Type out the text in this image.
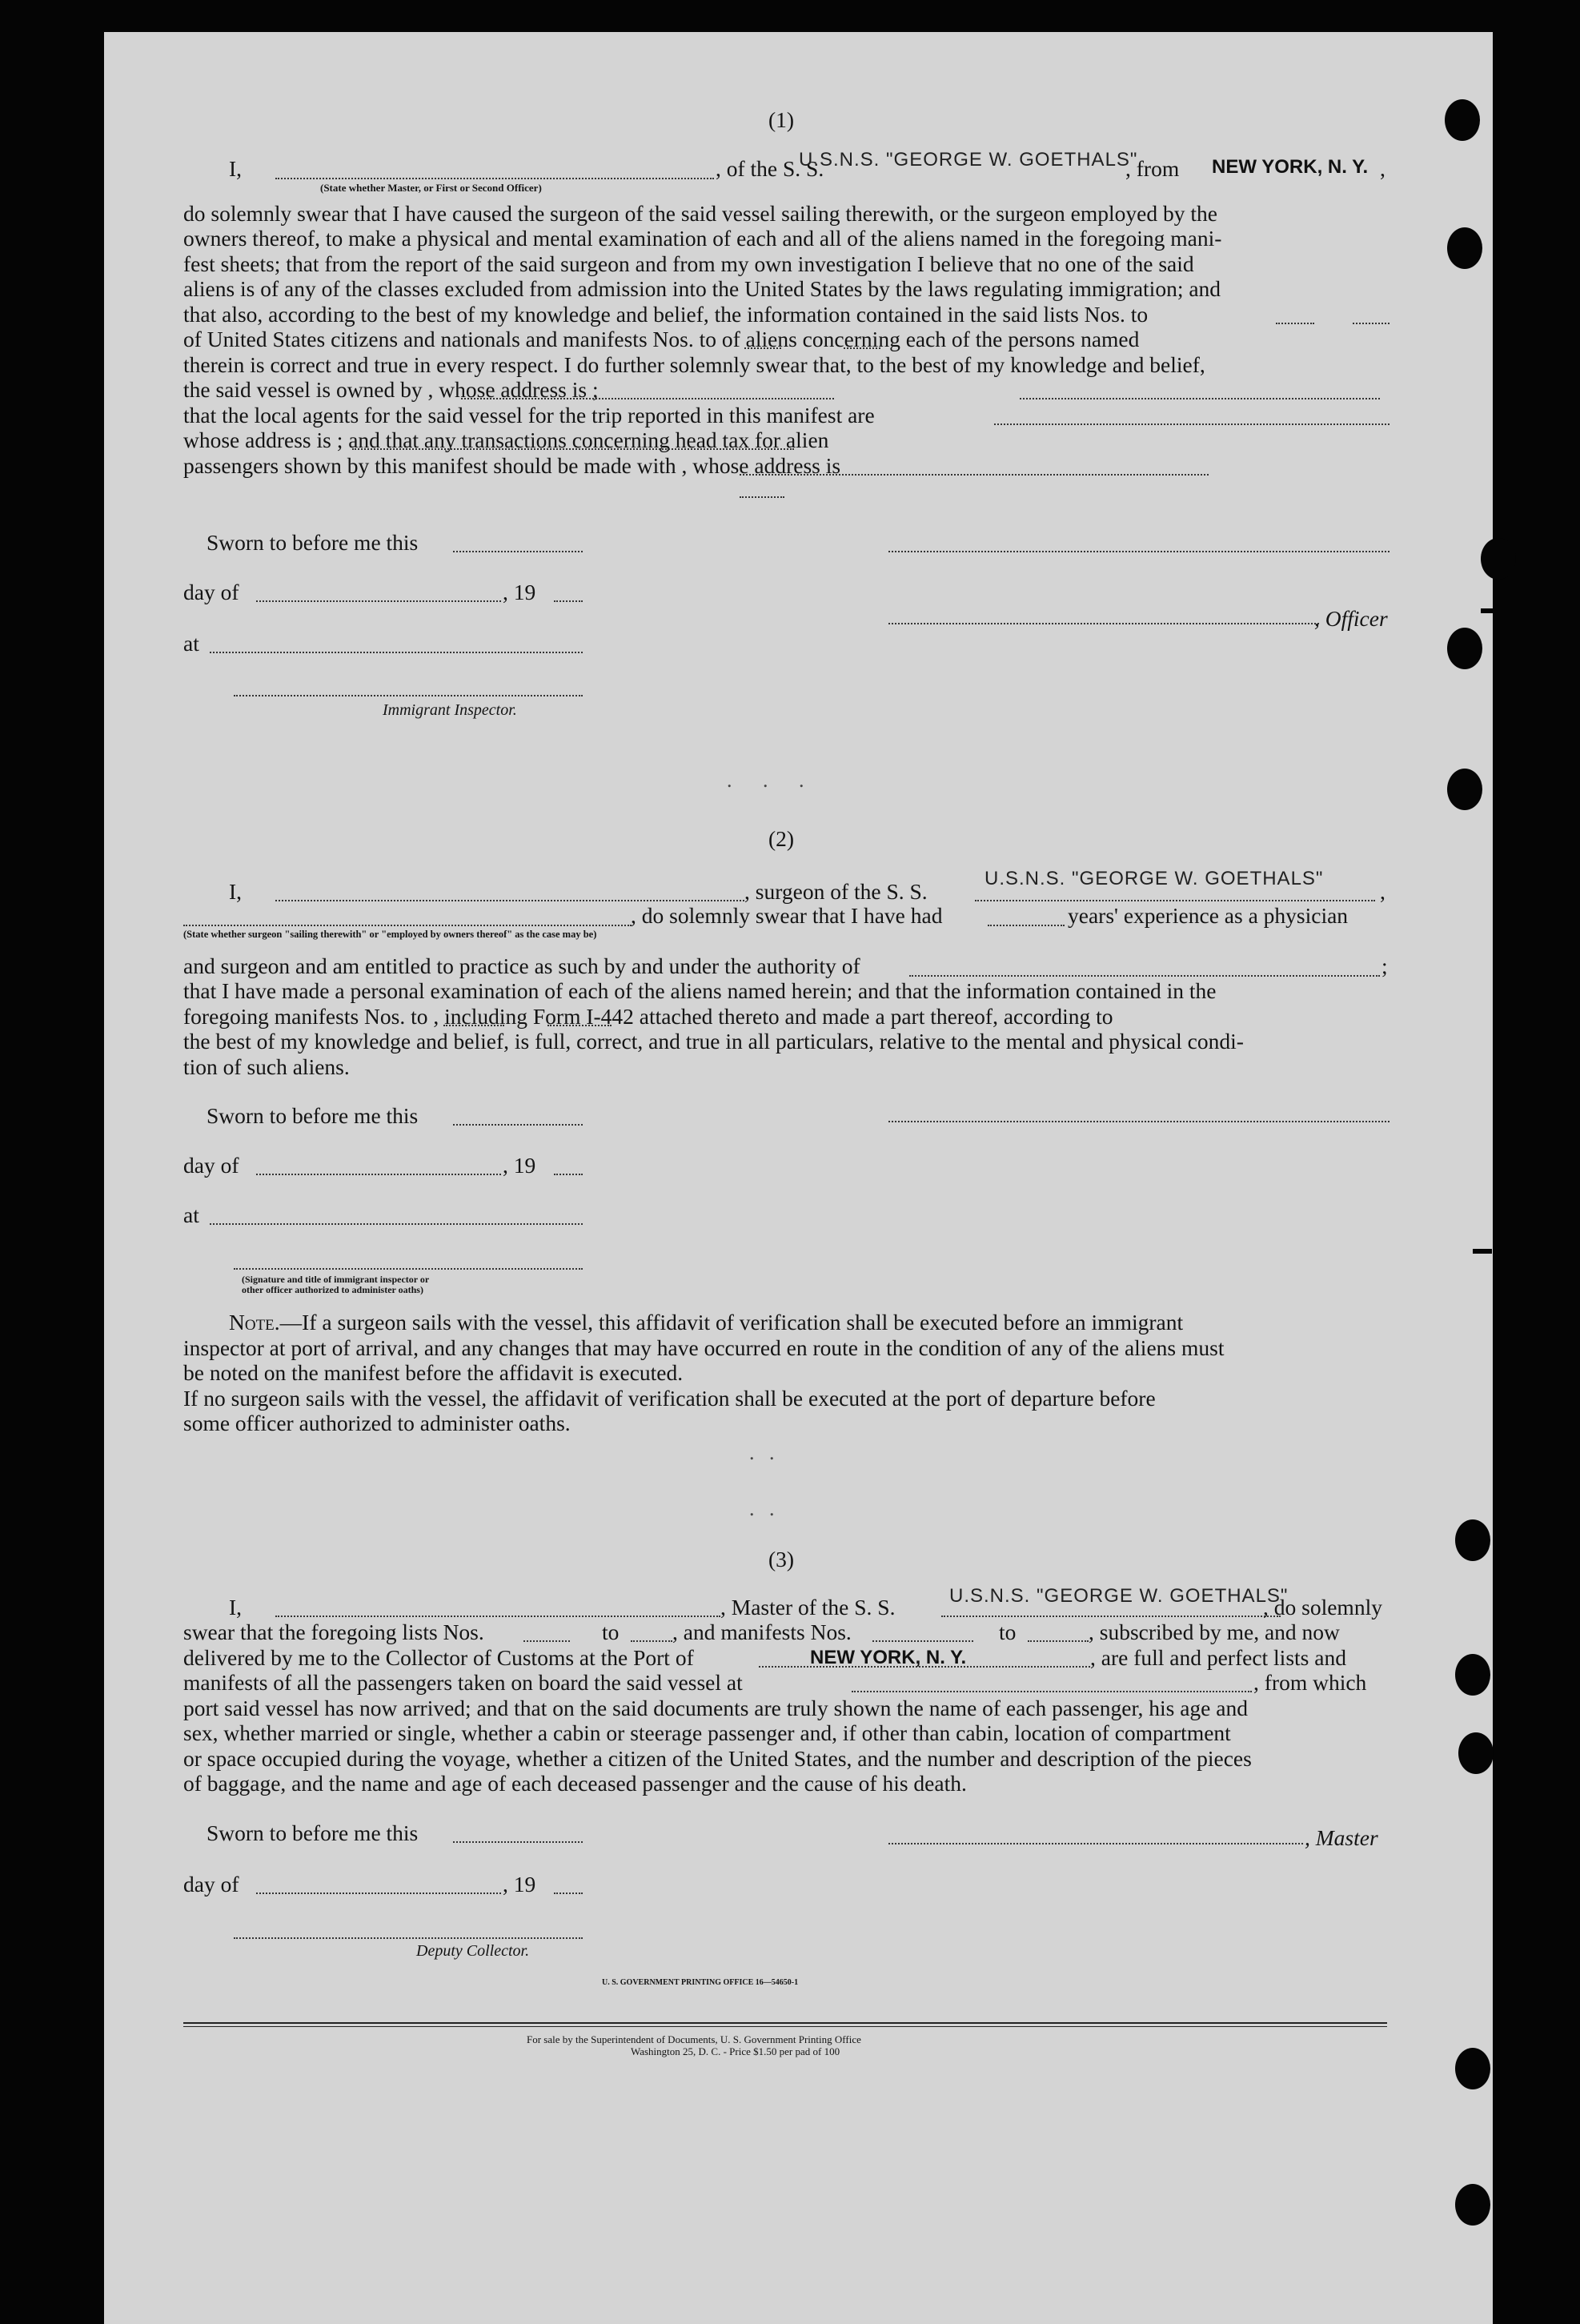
(1)
I,	, of the S. S.
U.S.N.S. "GEORGE W. GOETHALS"
, from NEW YORK, N. Y. ,
(State whether Master, or First or Second Officer)
do solemnly swear that I have caused the surgeon of the said vessel sailing therewith, or the surgeon employed by the
owners thereof, to make a physical and mental examination of each and all of the aliens named in the foregoing mani-
fest sheets; that from the report of the said surgeon and from my own investigation I believe that no one of the said
aliens is of any of the classes excluded from admission into the United States by the laws regulating immigration; and
that also, according to the best of my knowledge and belief, the information contained in the said lists Nos. to
of United States citizens and nationals and manifests Nos. to of aliens concerning each of the persons named
therein is correct and true in every respect. I do further solemnly swear that, to the best of my knowledge and belief,
the said vessel is owned by , whose address is ;
that the local agents for the said vessel for the trip reported in this manifest are
whose address is ; and that any transactions concerning head tax for alien
passengers shown by this manifest should be made with , whose address is
Sworn to before me this
day of	, 19
, Officer
at
Immigrant Inspector.
. . .
(2)
I,	, surgeon of the S. S.
U.S.N.S. "GEORGE W. GOETHALS"
,
, do solemnly swear that I have had	years' experience as a physician
(State whether surgeon "sailing therewith" or "employed by owners thereof" as the case may be)
and surgeon and am entitled to practice as such by and under the authority of	;
that I have made a personal examination of each of the aliens named herein; and that the information contained in the
foregoing manifests Nos. to , including Form I-442 attached thereto and made a part thereof, according to
the best of my knowledge and belief, is full, correct, and true in all particulars, relative to the mental and physical condi-
tion of such aliens.
Sworn to before me this
day of	, 19
at
(Signature and title of immigrant inspector or
other officer authorized to administer oaths)
Note.—If a surgeon sails with the vessel, this affidavit of verification shall be executed before an immigrant
inspector at port of arrival, and any changes that may have occurred en route in the condition of any of the aliens must
be noted on the manifest before the affidavit is executed.
If no surgeon sails with the vessel, the affidavit of verification shall be executed at the port of departure before
some officer authorized to administer oaths.
. .
. .
(3)
I,	, Master of the S. S.	U.S.N.S. "GEORGE W. GOETHALS"
, do solemnly
swear that the foregoing lists Nos.	to , and manifests Nos.	to	, subscribed by me, and now
delivered by me to the Collector of Customs at the Port of	NEW YORK, N. Y.	, are full and perfect lists and
manifests of all the passengers taken on board the said vessel at	, from which
port said vessel has now arrived; and that on the said documents are truly shown the name of each passenger, his age and
sex, whether married or single, whether a cabin or steerage passenger and, if other than cabin, location of compartment
or space occupied during the voyage, whether a citizen of the United States, and the number and description of the pieces
of baggage, and the name and age of each deceased passenger and the cause of his death.
Sworn to before me this	, Master
day of	, 19
Deputy Collector.
U. S. GOVERNMENT PRINTING OFFICE 16—54650-1
For sale by the Superintendent of Documents, U. S. Government Printing Office
Washington 25, D. C. - Price $1.50 per pad of 100
